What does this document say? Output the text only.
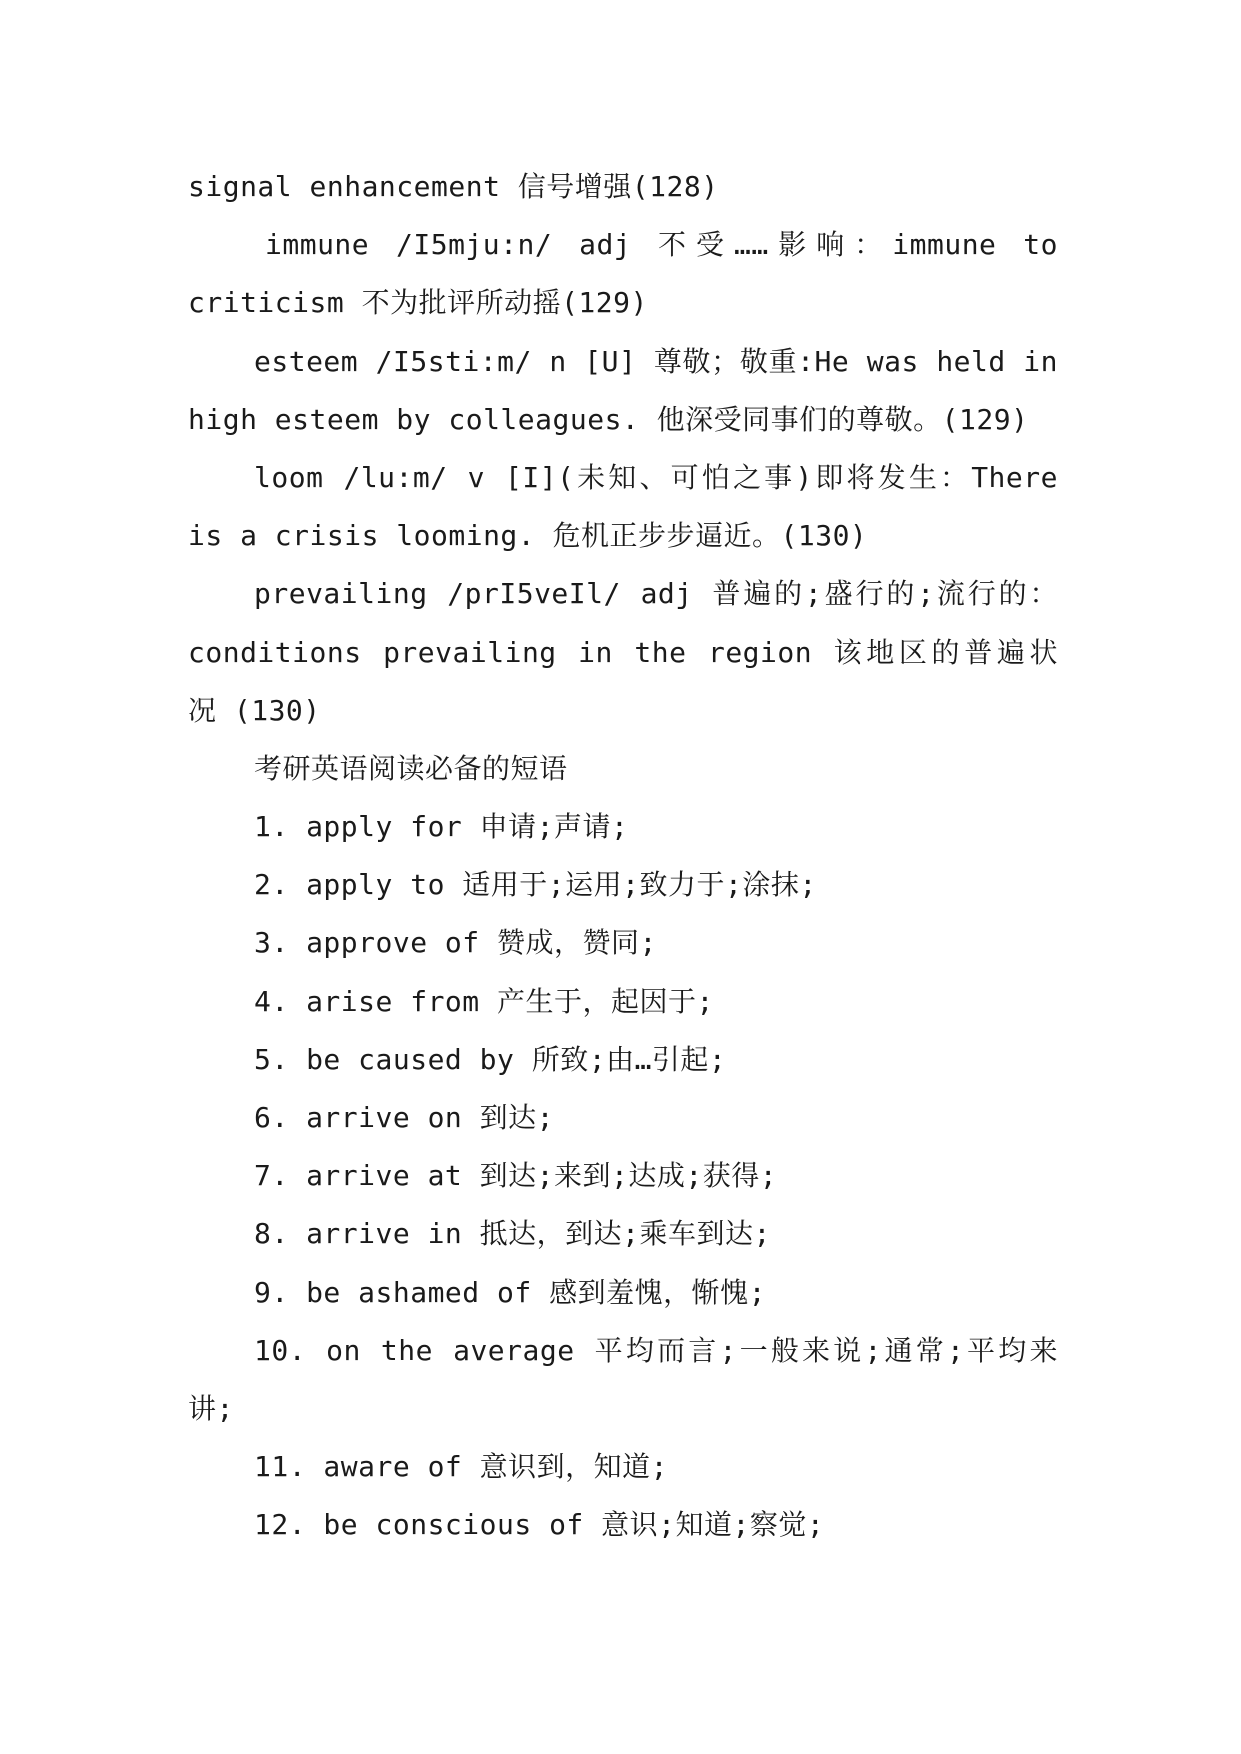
signal enhancement 信号增强(128)
immune /I5mju:n/ adj 不受……影响：immune to
criticism 不为批评所动摇(129)
esteem /I5sti:m/ n [U] 尊敬；敬重:He was held in
high esteem by colleagues. 他深受同事们的尊敬。(129)
loom /lu:m/ v [I](未知、可怕之事)即将发生：There
is a crisis looming. 危机正步步逼近。(130)
prevailing /prI5veIl/ adj 普遍的;盛行的;流行的：
conditions prevailing in the region 该地区的普遍状
况 (130)
考研英语阅读必备的短语
1. apply for 申请;声请;
2. apply to 适用于;运用;致力于;涂抹;
3. approve of 赞成，赞同;
4. arise from 产生于，起因于;
5. be caused by 所致;由…引起;
6. arrive on 到达;
7. arrive at 到达;来到;达成;获得;
8. arrive in 抵达，到达;乘车到达;
9. be ashamed of 感到羞愧，惭愧;
10. on the average 平均而言;一般来说;通常;平均来
讲;
11. aware of 意识到，知道;
12. be conscious of 意识;知道;察觉;
